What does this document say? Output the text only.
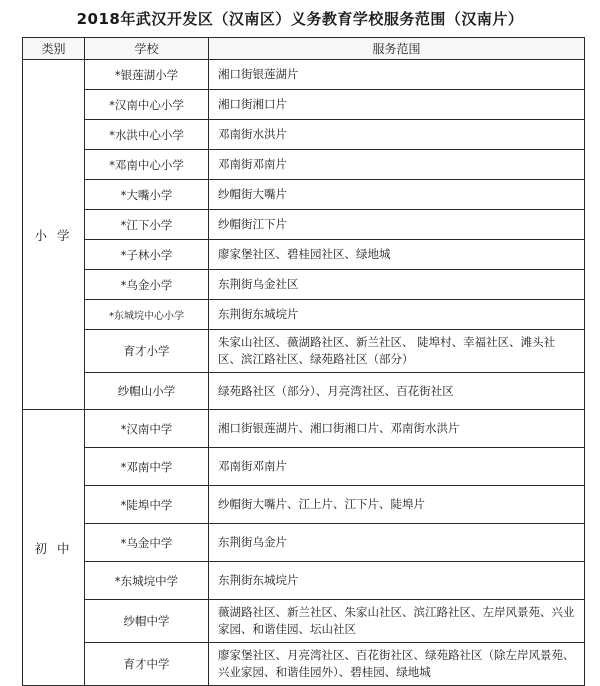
2018年武汉开发区（汉南区）义务教育学校服务范围（汉南片）
类别	学校	服务范围
小 学	*银莲湖小学	湘口街银莲湖片
	*汉南中心小学	湘口街湘口片
	*水洪中心小学	邓南街水洪片
	*邓南中心小学	邓南街邓南片
	*大嘴小学	纱帽街大嘴片
	*江下小学	纱帽街江下片
	*子林小学	廖家堡社区、碧桂园社区、绿地城
	*乌金小学	东荆街乌金社区
	*东城垸中心小学	东荆街东城垸片
	育才小学	朱家山社区、薇湖路社区、新兰社区、 陡埠村、幸福社区、滩头社区、滨江路社区、绿苑路社区（部分）
	纱帽山小学	绿苑路社区（部分）、月亮湾社区、百花街社区
初 中	*汉南中学	湘口街银莲湖片、湘口街湘口片、邓南街水洪片
	*邓南中学	邓南街邓南片
	*陡埠中学	纱帽街大嘴片、江上片、江下片、陡埠片
	*乌金中学	东荆街乌金片
	*东城垸中学	东荆街东城垸片
	纱帽中学	薇湖路社区、新兰社区、朱家山社区、滨江路社区、左岸风景苑、兴业家园、和谐佳园、坛山社区
	育才中学	廖家堡社区、月亮湾社区、百花街社区、绿苑路社区（除左岸风景苑、兴业家园、和谐佳园外）、碧桂园、绿地城
